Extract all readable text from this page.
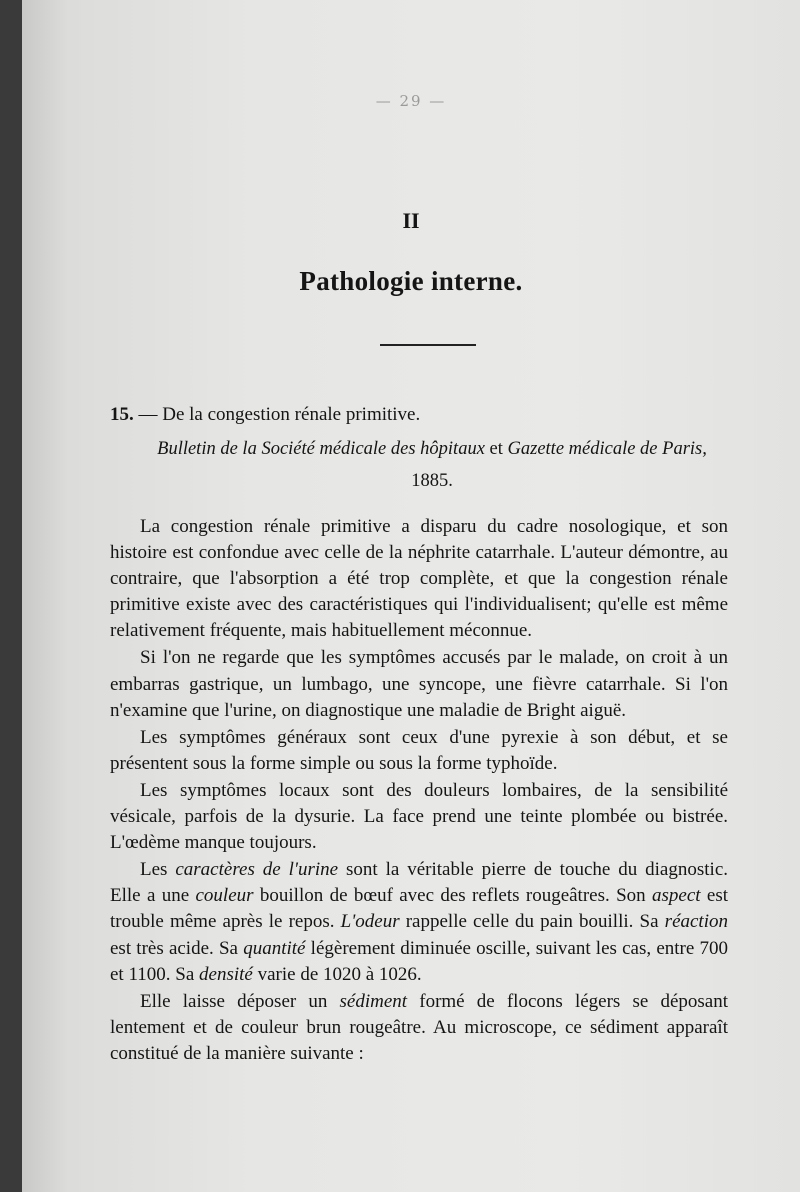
— 29 —
II
Pathologie interne.
15. — De la congestion rénale primitive.
Bulletin de la Société médicale des hôpitaux et Gazette médicale de Paris, 1885.

La congestion rénale primitive a disparu du cadre nosologique, et son histoire est confondue avec celle de la néphrite catarrhale. L'auteur démontre, au contraire, que l'absorption a été trop complète, et que la congestion rénale primitive existe avec des caractéristiques qui l'individualisent; qu'elle est même relativement fréquente, mais habituellement méconnue.

Si l'on ne regarde que les symptômes accusés par le malade, on croit à un embarras gastrique, un lumbago, une syncope, une fièvre catarrhale. Si l'on n'examine que l'urine, on diagnostique une maladie de Bright aiguë.

Les symptômes généraux sont ceux d'une pyrexie à son début, et se présentent sous la forme simple ou sous la forme typhoïde.

Les symptômes locaux sont des douleurs lombaires, de la sensibilité vésicale, parfois de la dysurie. La face prend une teinte plombée ou bistrée. L'œdème manque toujours.

Les caractères de l'urine sont la véritable pierre de touche du diagnostic. Elle a une couleur bouillon de bœuf avec des reflets rougeâtres. Son aspect est trouble même après le repos. L'odeur rappelle celle du pain bouilli. Sa réaction est très acide. Sa quantité légèrement diminuée oscille, suivant les cas, entre 700 et 1100. Sa densité varie de 1020 à 1026.

Elle laisse déposer un sédiment formé de flocons légers se déposant lentement et de couleur brun rougeâtre. Au microscope, ce sédiment apparaît constitué de la manière suivante :
